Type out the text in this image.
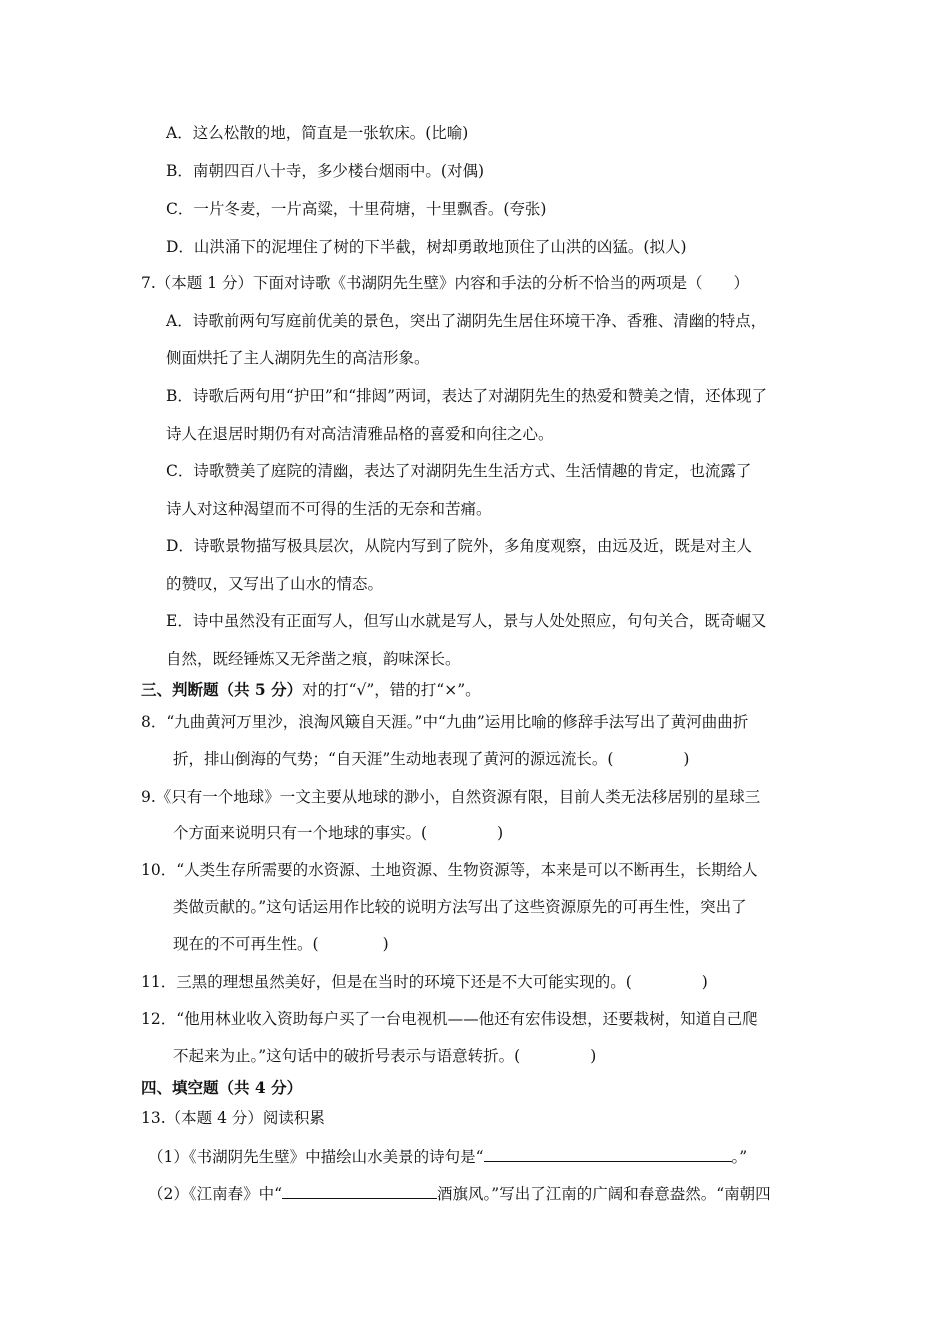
A．这么松散的地，简直是一张软床。(比喻)
B．南朝四百八十寺，多少楼台烟雨中。(对偶)
C．一片冬麦，一片高粱，十里荷塘，十里飘香。(夸张)
D．山洪涌下的泥埋住了树的下半截，树却勇敢地顶住了山洪的凶猛。(拟人)
7.（本题 1 分）下面对诗歌《书湖阴先生壁》内容和手法的分析不恰当的两项是（　　）
A．诗歌前两句写庭前优美的景色，突出了湖阴先生居住环境干净、香雅、清幽的特点，
侧面烘托了主人湖阴先生的高洁形象。
B．诗歌后两句用“护田”和“排闼”两词，表达了对湖阴先生的热爱和赞美之情，还体现了
诗人在退居时期仍有对高洁清雅品格的喜爱和向往之心。
C．诗歌赞美了庭院的清幽，表达了对湖阴先生生活方式、生活情趣的肯定，也流露了
诗人对这种渴望而不可得的生活的无奈和苦痛。
D．诗歌景物描写极具层次，从院内写到了院外，多角度观察，由远及近，既是对主人
的赞叹，又写出了山水的情态。
E．诗中虽然没有正面写人，但写山水就是写人，景与人处处照应，句句关合，既奇崛又
自然，既经锤炼又无斧凿之痕，韵味深长。
三、判断题（共 5 分）对的打“√”，错的打“×”。
8．“九曲黄河万里沙，浪淘风簸自天涯。”中“九曲”运用比喻的修辞手法写出了黄河曲曲折
折，排山倒海的气势；“自天涯”生动地表现了黄河的源远流长。(	)
9.《只有一个地球》一文主要从地球的渺小，自然资源有限，目前人类无法移居别的星球三
个方面来说明只有一个地球的事实。(	)
10．“人类生存所需要的水资源、土地资源、生物资源等，本来是可以不断再生，长期给人
类做贡献的。”这句话运用作比较的说明方法写出了这些资源原先的可再生性，突出了
现在的不可再生性。(	)
11．三黑的理想虽然美好，但是在当时的环境下还是不大可能实现的。(	)
12．“他用林业收入资助每户买了一台电视机——他还有宏伟设想，还要栽树，知道自己爬
不起来为止。”这句话中的破折号表示与语意转折。(	)
四、填空题（共 4 分）
13.（本题 4 分）阅读积累
（1）《书湖阴先生壁》中描绘山水美景的诗句是“	。”
（2）《江南春》中“	酒旗风。”写出了江南的广阔和春意盎然。“南朝四
